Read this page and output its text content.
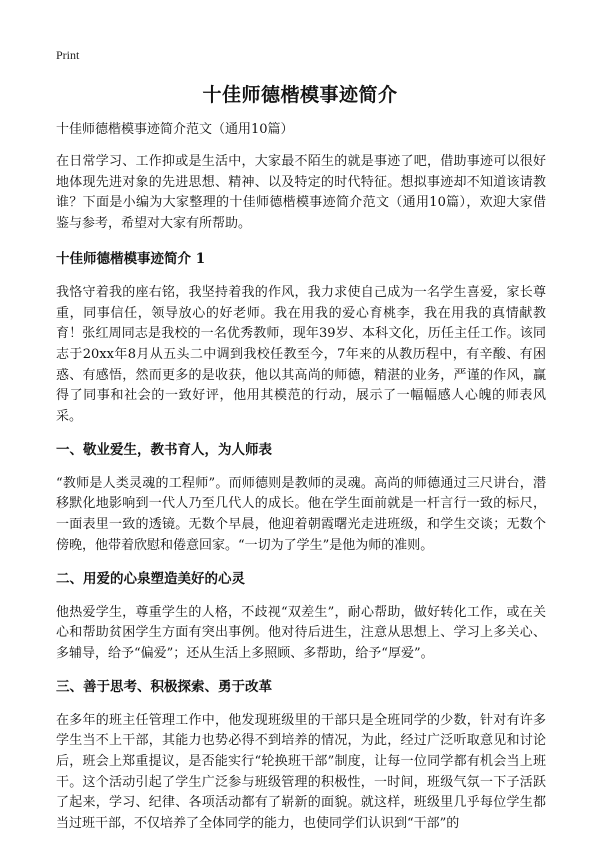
Print
十佳师德楷模事迹简介
十佳师德楷模事迹简介范文（通用10篇）

在日常学习、工作抑或是生活中，大家最不陌生的就是事迹了吧，借助事迹可以很好地体现先进对象的先进思想、精神、以及特定的时代特征。想拟事迹却不知道该请教谁？下面是小编为大家整理的十佳师德楷模事迹简介范文（通用10篇），欢迎大家借鉴与参考，希望对大家有所帮助。

十佳师德楷模事迹简介 1

我恪守着我的座右铭，我坚持着我的作风，我力求使自己成为一名学生喜爱，家长尊重，同事信任，领导放心的好老师。我在用我的爱心育桃李，我在用我的真情献教育！张红周同志是我校的一名优秀教师，现年39岁、本科文化，历任主任工作。该同志于20xx年8月从五头二中调到我校任教至今，7年来的从教历程中，有辛酸、有困惑、有感悟，然而更多的是收获，他以其高尚的师德，精湛的业务，严谨的作风，赢得了同事和社会的一致好评，他用其模范的行动，展示了一幅幅感人心魄的师表风采。

一、敬业爱生，教书育人，为人师表

“教师是人类灵魂的工程师”。而师德则是教师的灵魂。高尚的师德通过三尺讲台，潜移默化地影响到一代人乃至几代人的成长。他在学生面前就是一杆言行一致的标尺，一面表里一致的透镜。无数个早晨，他迎着朝霞曙光走进班级，和学生交谈；无数个傍晚，他带着欣慰和倦意回家。“一切为了学生”是他为师的准则。

二、用爱的心泉塑造美好的心灵

他热爱学生，尊重学生的人格，不歧视“双差生”，耐心帮助，做好转化工作，或在关心和帮助贫困学生方面有突出事例。他对待后进生，注意从思想上、学习上多关心、多辅导，给予“偏爱”；还从生活上多照顾、多帮助，给予“厚爱”。

三、善于思考、积极探索、勇于改革

在多年的班主任管理工作中，他发现班级里的干部只是全班同学的少数，针对有许多学生当不上干部，其能力也势必得不到培养的情况，为此，经过广泛听取意见和讨论后，班会上郑重提议，是否能实行“轮换班干部”制度，让每一位同学都有机会当上班干。这个活动引起了学生广泛参与班级管理的积极性，一时间，班级气氛一下子活跃了起来，学习、纪律、各项活动都有了崭新的面貌。就这样，班级里几乎每位学生都当过班干部，不仅培养了全体同学的能力，也使同学们认识到“干部”的
